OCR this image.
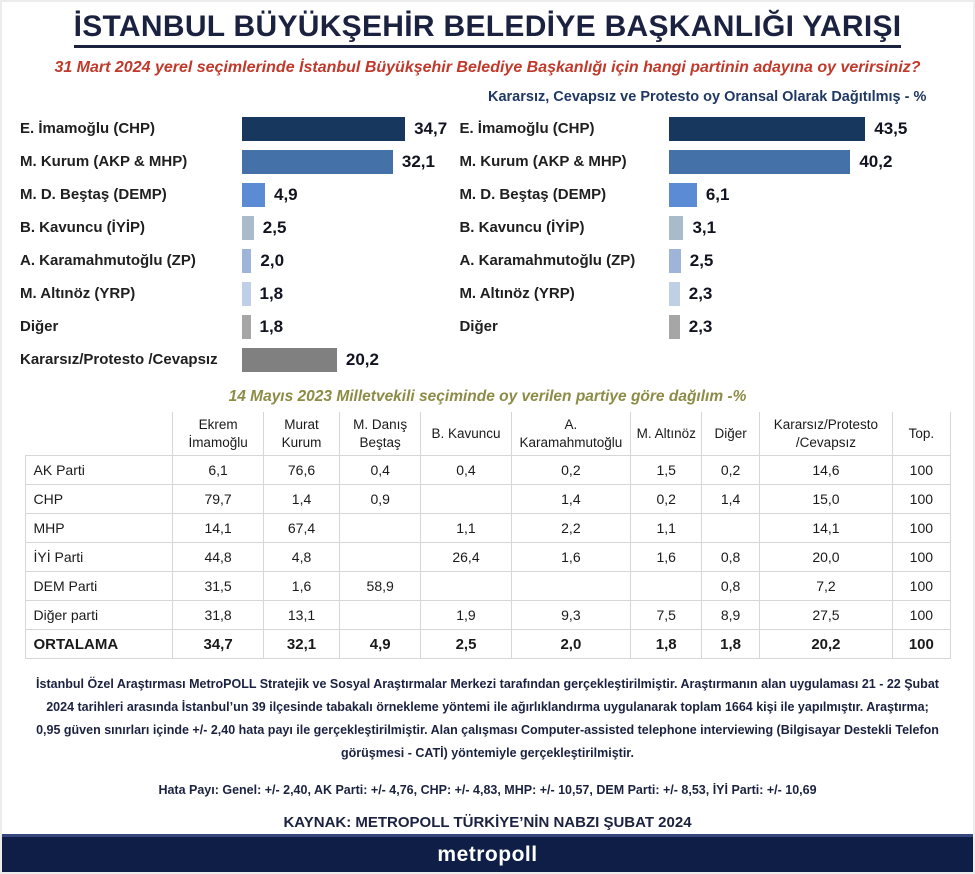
İSTANBUL BÜYÜKŞEHİR BELEDİYE BAŞKANLIĞI YARIŞI
31 Mart 2024 yerel seçimlerinde İstanbul Büyükşehir Belediye Başkanlığı için hangi partinin adayına oy verirsiniz?
E. İmamoğlu (CHP)	34,7
M. Kurum (AKP & MHP)	32,1
M. D. Beştaş (DEMP)	4,9
B. Kavuncu (İYİP)	2,5
A. Karamahmutoğlu (ZP)	2,0
M. Altınöz (YRP)	1,8
Diğer	1,8
Kararsız/Protesto /Cevapsız	20,2
Kararsız, Cevapsız ve Protesto oy Oransal Olarak Dağıtılmış - %
E. İmamoğlu (CHP)	43,5
M. Kurum (AKP & MHP)	40,2
M. D. Beştaş (DEMP)	6,1
B. Kavuncu (İYİP)	3,1
A. Karamahmutoğlu (ZP)	2,5
M. Altınöz (YRP)	2,3
Diğer	2,3
14 Mayıs 2023 Milletvekili seçiminde oy verilen partiye göre dağılım -%
	Ekrem İmamoğlu	Murat Kurum	M. Danış Beştaş	B. Kavuncu	A. Karamahmutoğlu	M. Altınöz	Diğer	Kararsız/Protesto /Cevapsız	Top.
AK Parti	6,1	76,6	0,4	0,4	0,2	1,5	0,2	14,6	100
CHP	79,7	1,4	0,9		1,4	0,2	1,4	15,0	100
MHP	14,1	67,4		1,1	2,2	1,1		14,1	100
İYİ Parti	44,8	4,8		26,4	1,6	1,6	0,8	20,0	100
DEM Parti	31,5	1,6	58,9				0,8	7,2	100
Diğer parti	31,8	13,1		1,9	9,3	7,5	8,9	27,5	100
ORTALAMA	34,7	32,1	4,9	2,5	2,0	1,8	1,8	20,2	100
İstanbul Özel Araştırması MetroPOLL Stratejik ve Sosyal Araştırmalar Merkezi tarafından gerçekleştirilmiştir. Araştırmanın alan uygulaması 21 - 22 Şubat 2024 tarihleri arasında İstanbul’un 39 ilçesinde tabakalı örnekleme yöntemi ile ağırlıklandırma uygulanarak toplam 1664 kişi ile yapılmıştır. Araştırma; 0,95 güven sınırları içinde +/- 2,40 hata payı ile gerçekleştirilmiştir. Alan çalışması Computer-assisted telephone interviewing (Bilgisayar Destekli Telefon görüşmesi - CATİ) yöntemiyle gerçekleştirilmiştir.
Hata Payı: Genel: +/- 2,40, AK Parti: +/- 4,76, CHP: +/- 4,83, MHP: +/- 10,57, DEM Parti: +/- 8,53, İYİ Parti: +/- 10,69
KAYNAK: METROPOLL TÜRKİYE’NİN NABZI ŞUBAT 2024
metropoll
